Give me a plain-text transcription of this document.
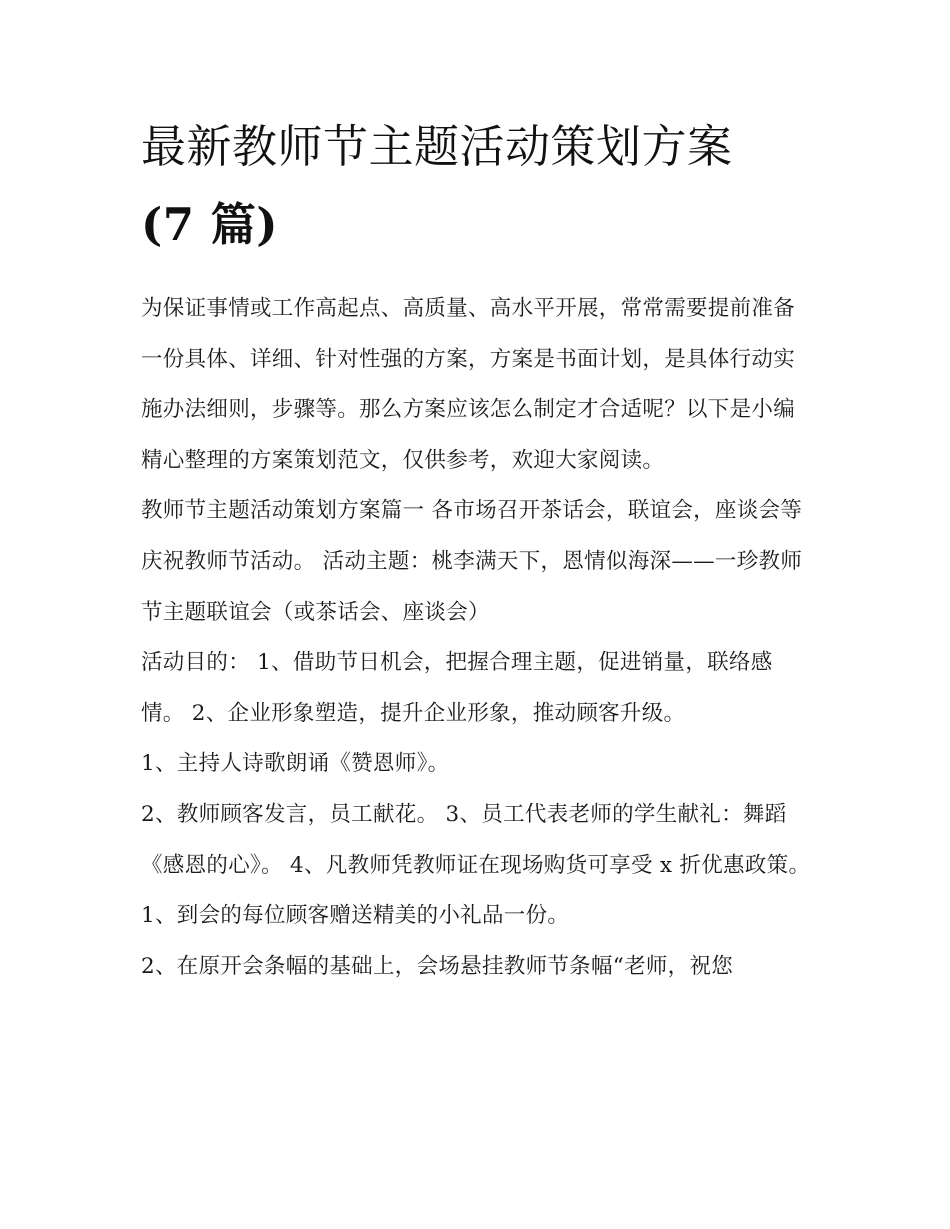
最新教师节主题活动策划方案
(7 篇)

为保证事情或工作高起点、高质量、高水平开展，常常需要提前准备一份具体、详细、针对性强的方案，方案是书面计划，是具体行动实施办法细则，步骤等。那么方案应该怎么制定才合适呢？以下是小编精心整理的方案策划范文，仅供参考，欢迎大家阅读。

教师节主题活动策划方案篇一 各市场召开茶话会，联谊会，座谈会等庆祝教师节活动。 活动主题：桃李满天下，恩情似海深——一珍教师节主题联谊会（或茶话会、座谈会）

活动目的： 1、借助节日机会，把握合理主题，促进销量，联络感情。 2、企业形象塑造，提升企业形象，推动顾客升级。

1、主持人诗歌朗诵《赞恩师》。

2、教师顾客发言，员工献花。 3、员工代表老师的学生献礼：舞蹈《感恩的心》。 4、凡教师凭教师证在现场购货可享受 x 折优惠政策。

1、到会的每位顾客赠送精美的小礼品一份。

2、在原开会条幅的基础上，会场悬挂教师节条幅“老师，祝您
